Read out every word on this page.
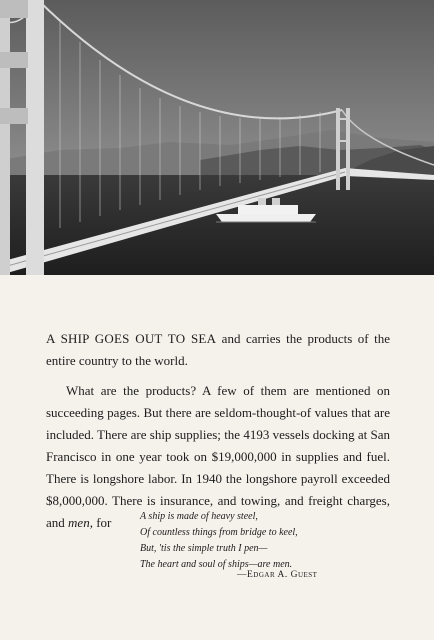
A SHIP GOES OUT TO SEA and carries the products of the entire country to the world.

What are the products? A few of them are mentioned on succeeding pages. But there are seldom-thought-of values that are included. There are ship supplies; the 4193 vessels docking at San Francisco in one year took on $19,000,000 in supplies and fuel. There is longshore labor. In 1940 the longshore payroll exceeded $8,000,000. There is insurance, and towing, and freight charges, and men, for	A ship is made of heavy steel,
Of countless things from bridge to keel,
But, 'tis the simple truth I pen—
The heart and soul of ships—are men.
—Edgar A. Guest
